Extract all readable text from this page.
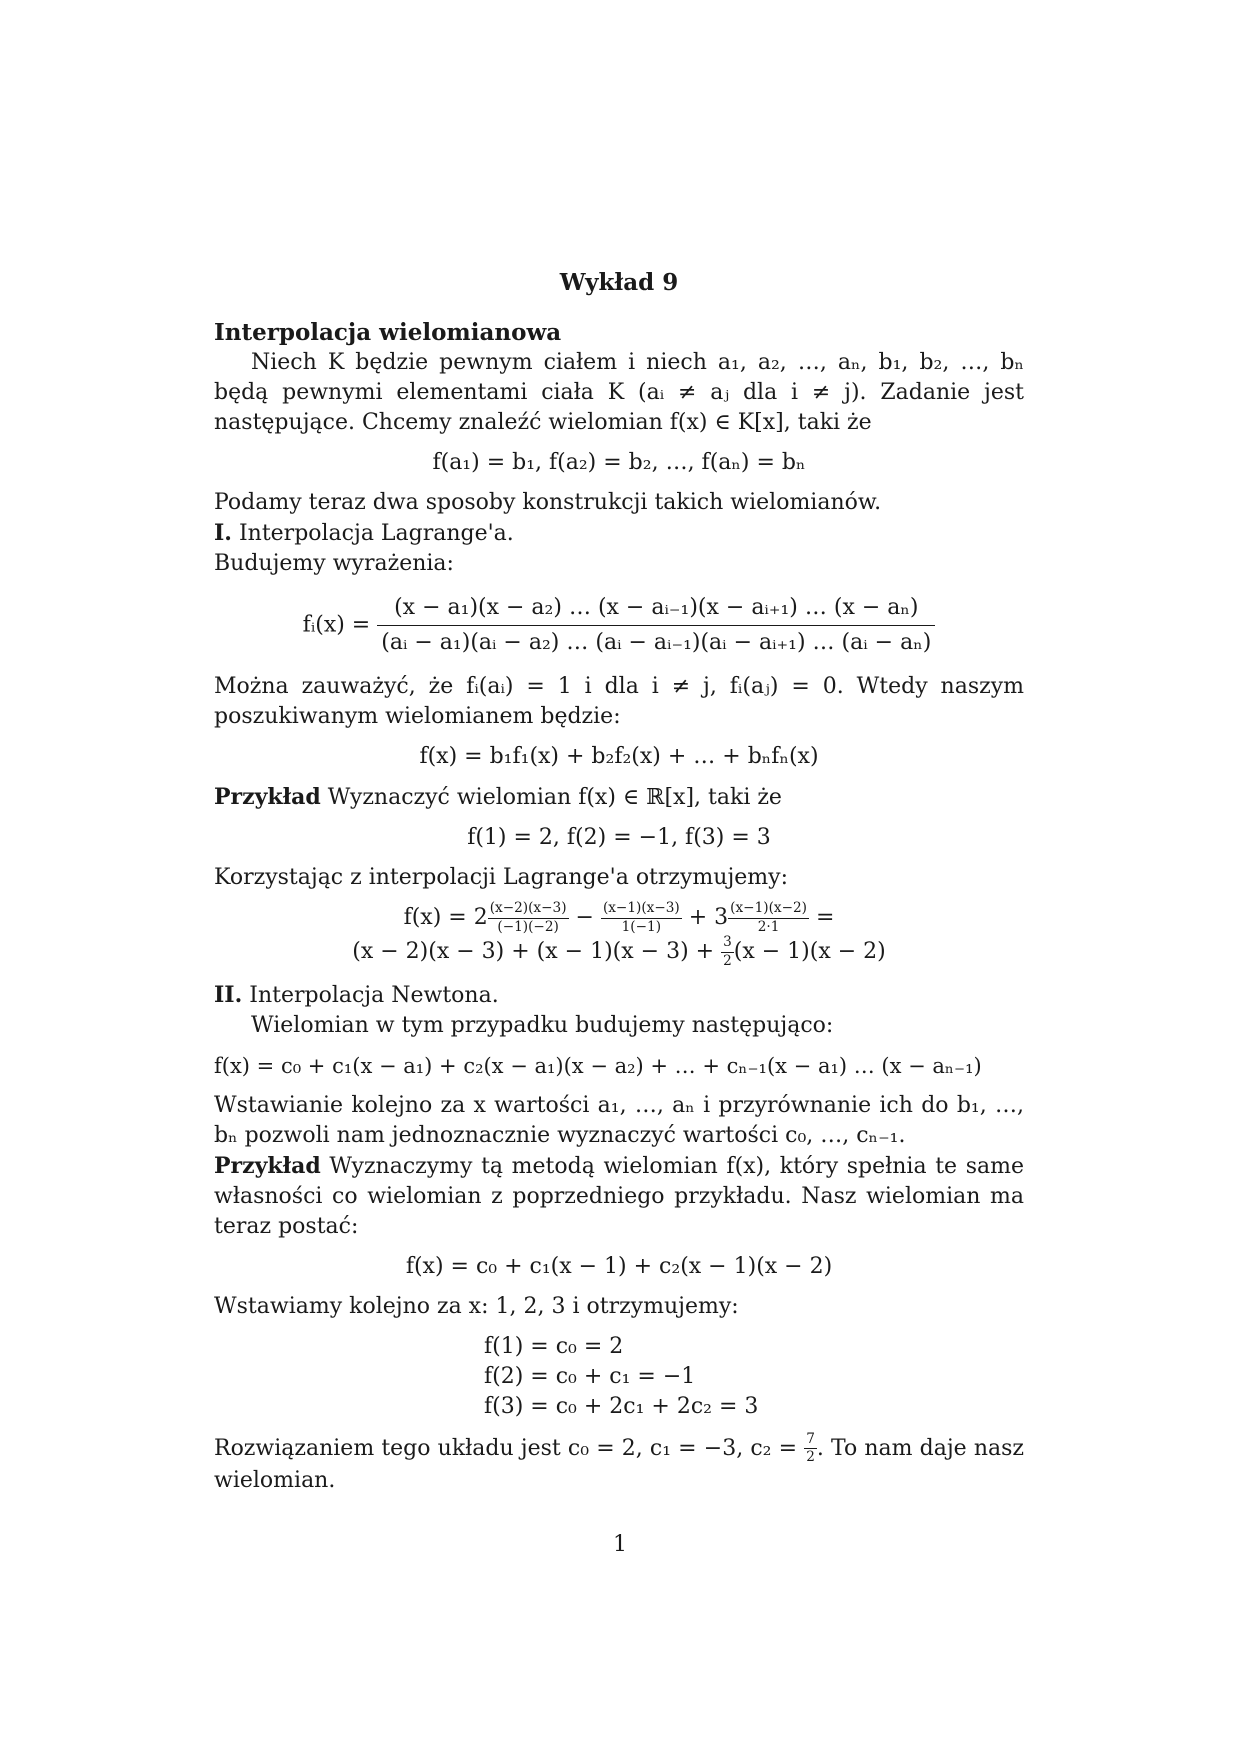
Wykład 9
Interpolacja wielomianowa

Niech K będzie pewnym ciałem i niech a₁, a₂, …, aₙ, b₁, b₂, …, bₙ będą pewnymi elementami ciała K (aᵢ ≠ aⱼ dla i ≠ j). Zadanie jest następujące. Chcemy znaleźć wielomian f(x) ∈ K[x], taki że

f(a₁) = b₁, f(a₂) = b₂, …, f(aₙ) = bₙ

Podamy teraz dwa sposoby konstrukcji takich wielomianów.

I. Interpolacja Lagrange'a.

Budujemy wyrażenia:

fᵢ(x) = $\frac{\text{(x − a₁)(x − a₂) … (x − aᵢ₋₁)(x − aᵢ₊₁) … (x − aₙ)}}{\text{(aᵢ − a₁)(aᵢ − a₂) … (aᵢ − aᵢ₋₁)(aᵢ − aᵢ₊₁) … (aᵢ − aₙ)}}$

Można zauważyć, że fᵢ(aᵢ) = 1 i dla i ≠ j, fᵢ(aⱼ) = 0. Wtedy naszym poszukiwanym wielomianem będzie:

f(x) = b₁f₁(x) + b₂f₂(x) + … + bₙfₙ(x)

Przykład Wyznaczyć wielomian f(x) ∈ ℝ[x], taki że

f(1) = 2, f(2) = −1, f(3) = 3

Korzystając z interpolacji Lagrange'a otrzymujemy:

$f(x) = 2 \frac{(x-2)(x-3)}{(-1)(-2)} - \frac{(x-1)(x-3)}{1(-1)} + 3 \frac{(x-1)(x-2)}{2\cdot 1}$ =
$(x - 2)(x - 3) + (x - 1)(x - 3) + \frac{3}{2} (x - 1)(x - 2)$

II. Interpolacja Newtona.

Wielomian w tym przypadku budujemy następująco:

f(x) = c₀ + c₁(x − a₁) + c₂(x − a₁)(x − a₂) + … + cₙ₋₁(x − a₁) … (x − aₙ₋₁)

Wstawianie kolejno za x wartości a₁, …, aₙ i przyrównanie ich do b₁, …, bₙ pozwoli nam jednoznacznie wyznaczyć wartości c₀, …, cₙ₋₁.

Przykład Wyznaczymy tą metodą wielomian f(x), który spełnia te same własności co wielomian z poprzedniego przykładu. Nasz wielomian ma teraz postać:

f(x) = c₀ + c₁(x − 1) + c₂(x − 1)(x − 2)

Wstawiamy kolejno za x: 1, 2, 3 i otrzymujemy:

f(1) = c₀ = 2
f(2) = c₀ + c₁ = −1
f(3) = c₀ + 2c₁ + 2c₂ = 3

Rozwiązaniem tego układu jest c₀ = 2, c₁ = −3, $c_2 = \frac{7}{2}$ . To nam daje nasz wielomian.

1
